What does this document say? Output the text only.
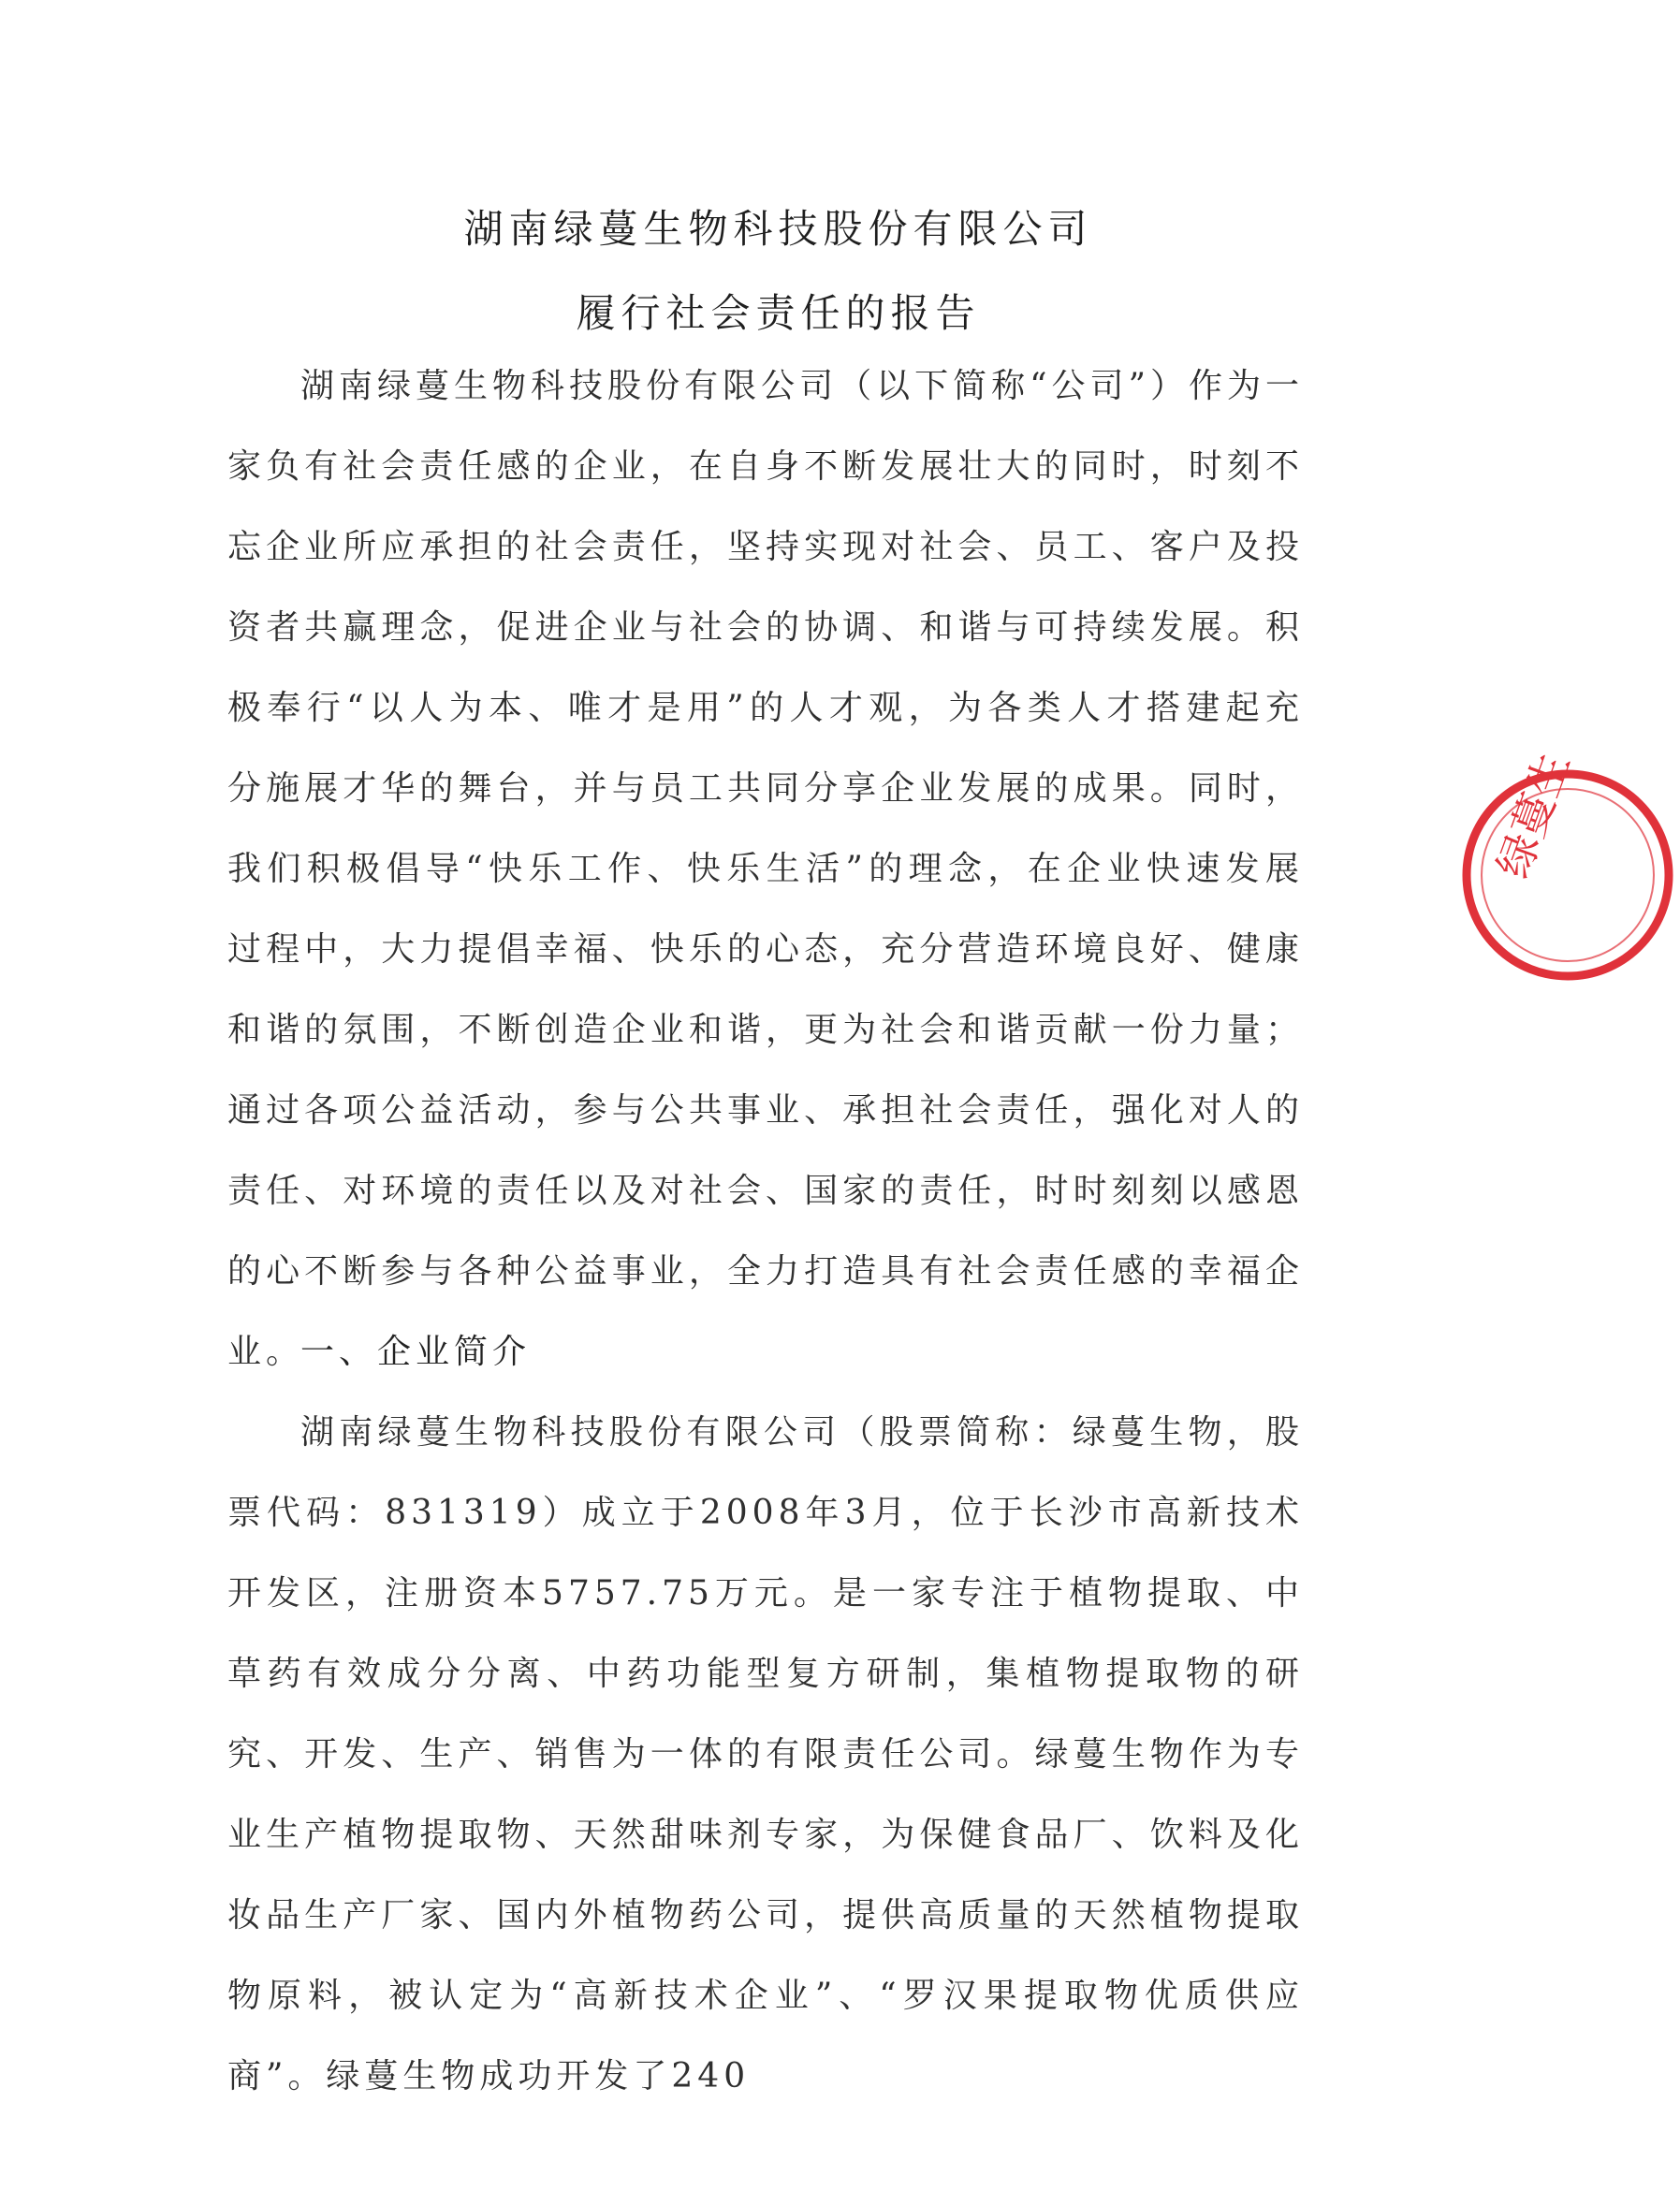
湖南绿蔓生物科技股份有限公司
履行社会责任的报告

湖南绿蔓生物科技股份有限公司（以下简称“公司”）作为一家负有社会责任感的企业，在自身不断发展壮大的同时，时刻不忘企业所应承担的社会责任，坚持实现对社会、员工、客户及投资者共赢理念，促进企业与社会的协调、和谐与可持续发展。积极奉行“以人为本、唯才是用”的人才观，为各类人才搭建起充分施展才华的舞台，并与员工共同分享企业发展的成果。同时，我们积极倡导“快乐工作、快乐生活”的理念，在企业快速发展过程中，大力提倡幸福、快乐的心态，充分营造环境良好、健康和谐的氛围，不断创造企业和谐，更为社会和谐贡献一份力量；通过各项公益活动，参与公共事业、承担社会责任，强化对人的责任、对环境的责任以及对社会、国家的责任，时时刻刻以感恩的心不断参与各种公益事业，全力打造具有社会责任感的幸福企业。

一、企业简介

湖南绿蔓生物科技股份有限公司（股票简称：绿蔓生物，股票代码：831319）成立于2008年3月，位于长沙市高新技术开发区，注册资本5757.75万元。是一家专注于植物提取、中草药有效成分分离、中药功能型复方研制，集植物提取物的研究、开发、生产、销售为一体的有限责任公司。绿蔓生物作为专业生产植物提取物、天然甜味剂专家，为保健食品厂、饮料及化妆品生产厂家、国内外植物药公司，提供高质量的天然植物提取物原料，被认定为“高新技术企业”、“罗汉果提取物优质供应商”。绿蔓生物成功开发了240

绿蔓生
